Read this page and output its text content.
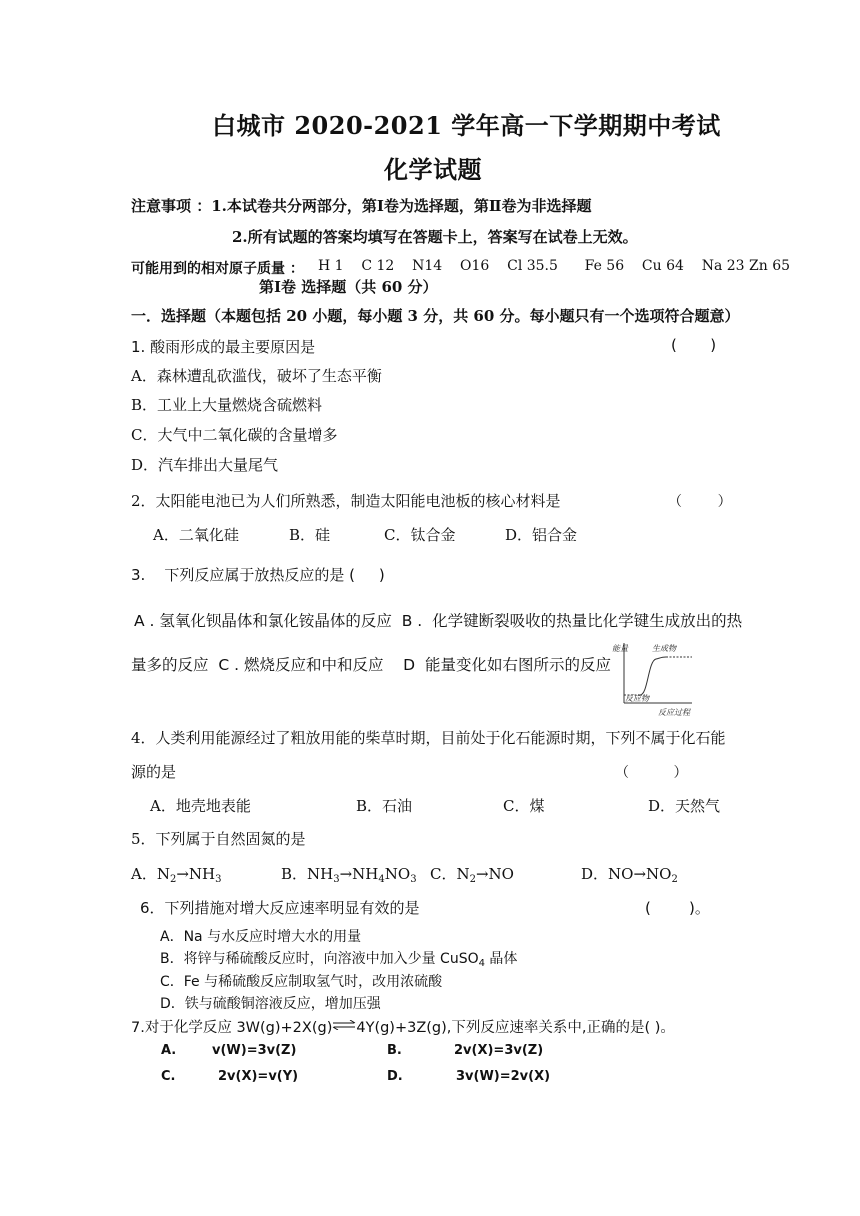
白城市 2020-2021 学年高一下学期期中考试
化学试题
注意事项 ：1.本试卷共分两部分，第Ⅰ卷为选择题，第Ⅱ卷为非选择题
2.所有试题的答案均填写在答题卡上，答案写在试卷上无效。
可能用到的相对原子质量 ： H 1    C 12    N14    O16    Cl 35.5      Fe 56    Cu 64    Na 23 Zn 65
第Ⅰ卷 选择题（共 60 分）
一．选择题（本题包括 20 小题，每小题 3 分，共 60 分。每小题只有一个选项符合题意）
1. 酸雨形成的最主要原因是	(       )
A．森林遭乱砍滥伐，破坏了生态平衡
B．工业上大量燃烧含硫燃料
C．大气中二氧化碳的含量增多
D．汽车排出大量尾气
2．太阳能电池已为人们所熟悉，制造太阳能电池板的核心材料是	（        ）
A．二氧化硅	B．硅	C．钛合金	D．铝合金
3.    下列反应属于放热反应的是 (     )
A . 氢氧化钡晶体和氯化铵晶体的反应  B .  化学键断裂吸收的热量比化学键生成放出的热
量多的反应  C . 燃烧反应和中和反应    D  能量变化如右图所示的反应
能量	生成物
反应物
反应过程
4．人类利用能源经过了粗放用能的柴草时期，目前处于化石能源时期，下列不属于化石能
源的是	（          ）
A．地壳地表能	B．石油	C．煤	D．天然气
5．下列属于自然固氮的是
A．$N_2\to NH_3$	B．$NH_3\to NH_4NO_3$ C．$N_2\to NO$	D．$NO\to NO_2$
6．下列措施对增大反应速率明显有效的是	(        )。
A．Na 与水反应时增大水的用量
B．将锌与稀硫酸反应时，向溶液中加入少量 CuSO$_4$ 晶体
C．Fe 与稀硫酸反应制取氢气时，改用浓硫酸
D．铁与硫酸铜溶液反应，增加压强
7.对于化学反应 3W(g)+2X(g)⇌4Y(g)+3Z(g),下列反应速率关系中,正确的是( )。
A.	v(W)=3v(Z)	B.	2v(X)=3v(Z)
C.	2v(X)=v(Y)	D.	3v(W)=2v(X)
